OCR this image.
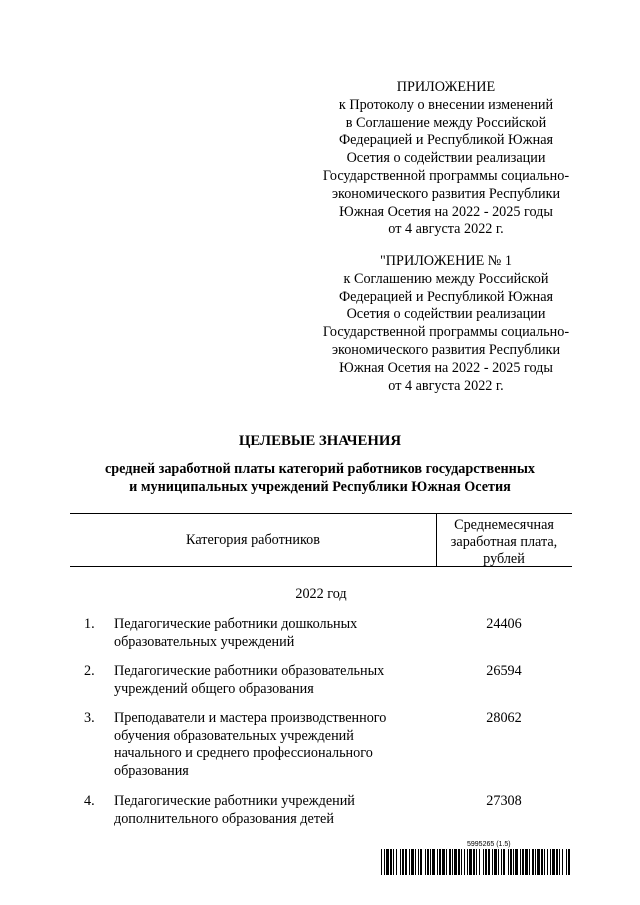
ПРИЛОЖЕНИЕ
к Протоколу о внесении изменений
в Соглашение между Российской
Федерацией и Республикой Южная
Осетия о содействии реализации
Государственной программы социально-
экономического развития Республики
Южная Осетия на 2022 - 2025 годы
от 4 августа 2022 г.
"ПРИЛОЖЕНИЕ № 1
к Соглашению между Российской
Федерацией и Республикой Южная
Осетия о содействии реализации
Государственной программы социально-
экономического развития Республики
Южная Осетия на 2022 - 2025 годы
от 4 августа 2022 г.
ЦЕЛЕВЫЕ ЗНАЧЕНИЯ
средней заработной платы категорий работников государственных
и муниципальных учреждений Республики Южная Осетия
Категория работников
Среднемесячная
заработная плата,
рублей
2022 год
1. Педагогические работники дошкольных
образовательных учреждений
24406
2. Педагогические работники образовательных
учреждений общего образования
26594
3. Преподаватели и мастера производственного
обучения образовательных учреждений
начального и среднего профессионального
образования
28062
4. Педагогические работники учреждений
дополнительного образования детей
27308
5995265 (1.5)
